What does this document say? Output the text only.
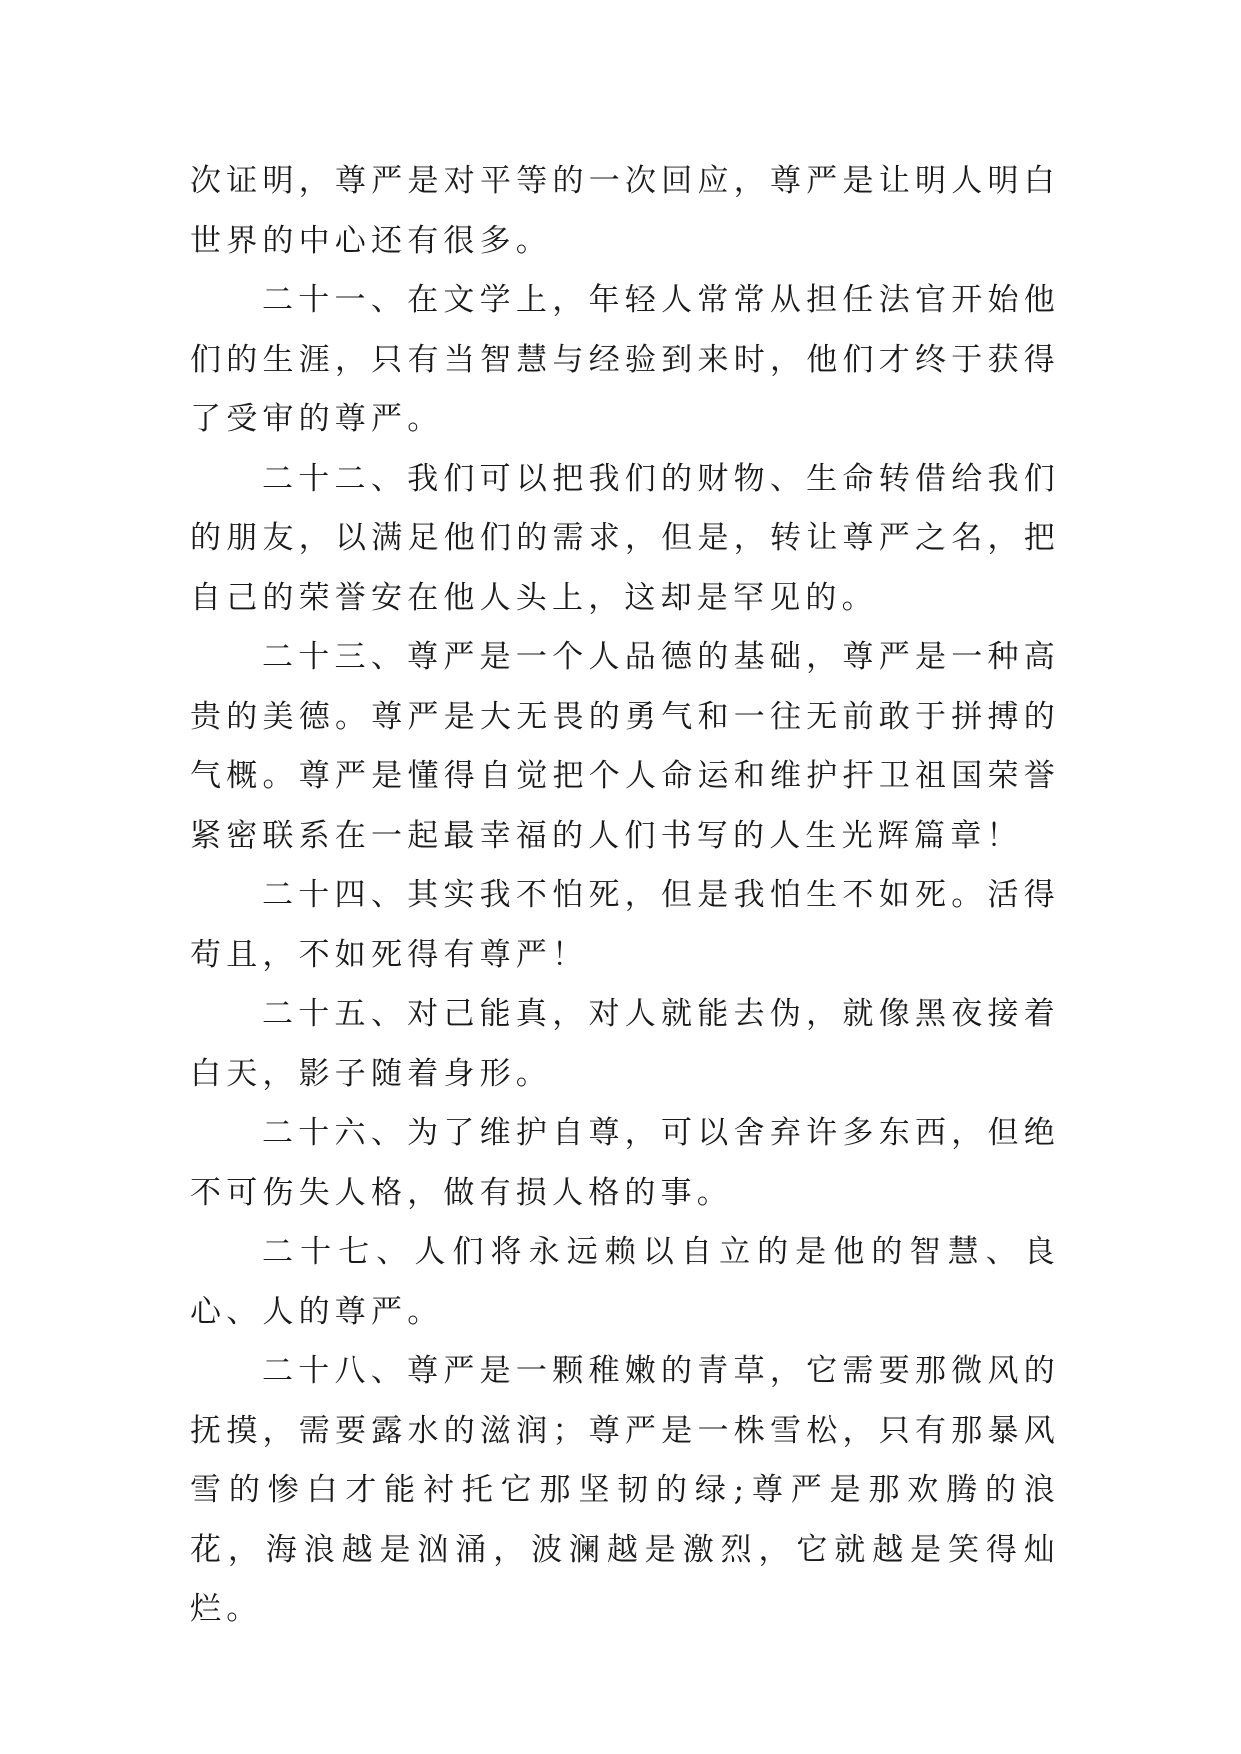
次证明，尊严是对平等的一次回应，尊严是让明人明白世界的中心还有很多。

二十一、在文学上，年轻人常常从担任法官开始他们的生涯，只有当智慧与经验到来时，他们才终于获得了受审的尊严。

二十二、我们可以把我们的财物、生命转借给我们的朋友，以满足他们的需求，但是，转让尊严之名，把自己的荣誉安在他人头上，这却是罕见的。

二十三、尊严是一个人品德的基础，尊严是一种高贵的美德。尊严是大无畏的勇气和一往无前敢于拼搏的气概。尊严是懂得自觉把个人命运和维护扞卫祖国荣誉紧密联系在一起最幸福的人们书写的人生光辉篇章！

二十四、其实我不怕死，但是我怕生不如死。活得苟且，不如死得有尊严！

二十五、对己能真，对人就能去伪，就像黑夜接着白天，影子随着身形。

二十六、为了维护自尊，可以舍弃许多东西，但绝不可伤失人格，做有损人格的事。

二十七、人们将永远赖以自立的是他的智慧、良心、人的尊严。

二十八、尊严是一颗稚嫩的青草，它需要那微风的抚摸，需要露水的滋润；尊严是一株雪松，只有那暴风雪的惨白才能衬托它那坚韧的绿;尊严是那欢腾的浪花，海浪越是汹涌，波澜越是激烈，它就越是笑得灿烂。
